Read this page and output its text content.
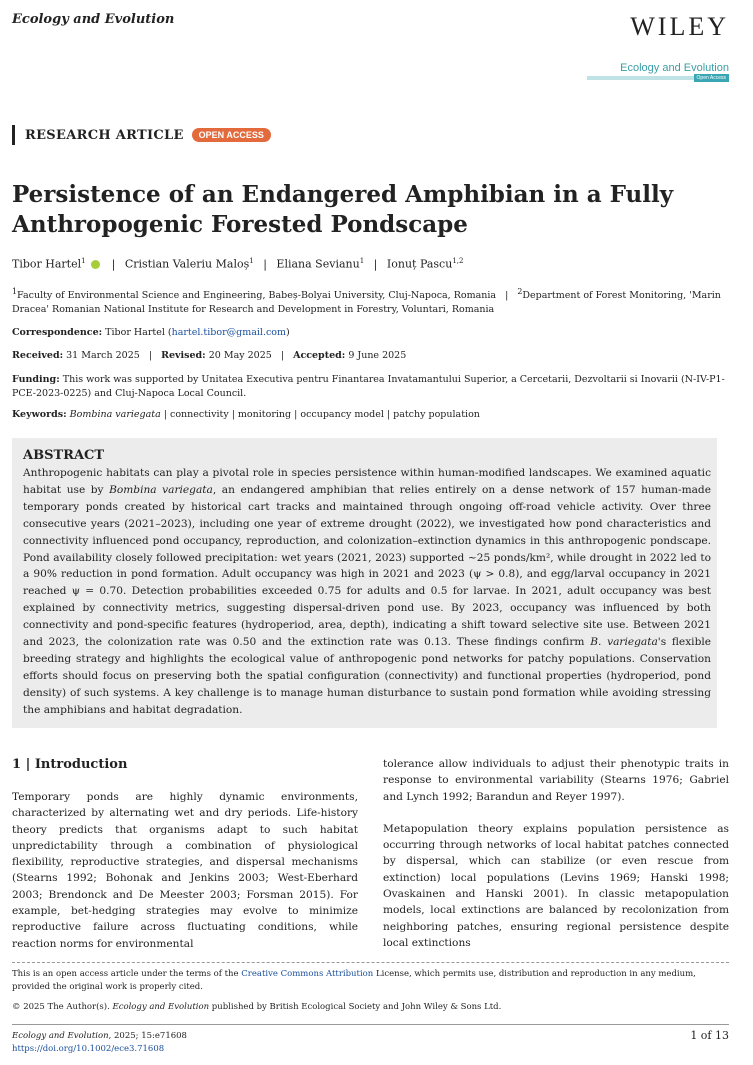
Ecology and Evolution	WILEY
Ecology and Evolution
Open Access
RESEARCH ARTICLE	OPEN ACCESS
Persistence of an Endangered Amphibian in a Fully Anthropogenic Forested Pondscape
Tibor Hartel$^1$ | Cristian Valeriu Maloș$^1$ | Eliana Sevianu$^1$ | Ionuț Pascu$^{1,2}$
$^1$Faculty of Environmental Science and Engineering, Babeș-Bolyai University, Cluj-Napoca, Romania | $^2$Department of Forest Monitoring, 'Marin Dracea' Romanian National Institute for Research and Development in Forestry, Voluntari, Romania
Correspondence: Tibor Hartel (hartel.tibor@gmail.com)
Received: 31 March 2025 | Revised: 20 May 2025 | Accepted: 9 June 2025
Funding: This work was supported by Unitatea Executiva pentru Finantarea Invatamantului Superior, a Cercetarii, Dezvoltarii si Inovarii (N-IV-P1-PCE-2023-0225) and Cluj-Napoca Local Council.
Keywords: Bombina variegata | connectivity | monitoring | occupancy model | patchy population
ABSTRACT

Anthropogenic habitats can play a pivotal role in species persistence within human-modified landscapes. We examined aquatic habitat use by Bombina variegata, an endangered amphibian that relies entirely on a dense network of 157 human-made temporary ponds created by historical cart tracks and maintained through ongoing off-road vehicle activity. Over three consecutive years (2021–2023), including one year of extreme drought (2022), we investigated how pond characteristics and connectivity influenced pond occupancy, reproduction, and colonization–extinction dynamics in this anthropogenic pondscape. Pond availability closely followed precipitation: wet years (2021, 2023) supported ~25 ponds/km², while drought in 2022 led to a 90% reduction in pond formation. Adult occupancy was high in 2021 and 2023 (ψ > 0.8), and egg/larval occupancy in 2021 reached ψ = 0.70. Detection probabilities exceeded 0.75 for adults and 0.5 for larvae. In 2021, adult occupancy was best explained by connectivity metrics, suggesting dispersal-driven pond use. By 2023, occupancy was influenced by both connectivity and pond-specific features (hydroperiod, area, depth), indicating a shift toward selective site use. Between 2021 and 2023, the colonization rate was 0.50 and the extinction rate was 0.13. These findings confirm B. variegata's flexible breeding strategy and highlights the ecological value of anthropogenic pond networks for patchy populations. Conservation efforts should focus on preserving both the spatial configuration (connectivity) and functional properties (hydroperiod, pond density) of such systems. A key challenge is to manage human disturbance to sustain pond formation while avoiding stressing the amphibians and habitat degradation.

1 | Introduction

Temporary ponds are highly dynamic environments, characterized by alternating wet and dry periods. Life-history theory predicts that organisms adapt to such habitat unpredictability through a combination of physiological flexibility, reproductive strategies, and dispersal mechanisms (Stearns 1992; Bohonak and Jenkins 2003; West-Eberhard 2003; Brendonck and De Meester 2003; Forsman 2015). For example, bet-hedging strategies may evolve to minimize reproductive failure across fluctuating conditions, while reaction norms for environmental

tolerance allow individuals to adjust their phenotypic traits in response to environmental variability (Stearns 1976; Gabriel and Lynch 1992; Barandun and Reyer 1997).

Metapopulation theory explains population persistence as occurring through networks of local habitat patches connected by dispersal, which can stabilize (or even rescue from extinction) local populations (Levins 1969; Hanski 1998; Ovaskainen and Hanski 2001). In classic metapopulation models, local extinctions are balanced by recolonization from neighboring patches, ensuring regional persistence despite local extinctions

This is an open access article under the terms of the Creative Commons Attribution License, which permits use, distribution and reproduction in any medium, provided the original work is properly cited.
© 2025 The Author(s). Ecology and Evolution published by British Ecological Society and John Wiley & Sons Ltd.
Ecology and Evolution, 2025; 15:e71608
https://doi.org/10.1002/ece3.71608
1 of 13
